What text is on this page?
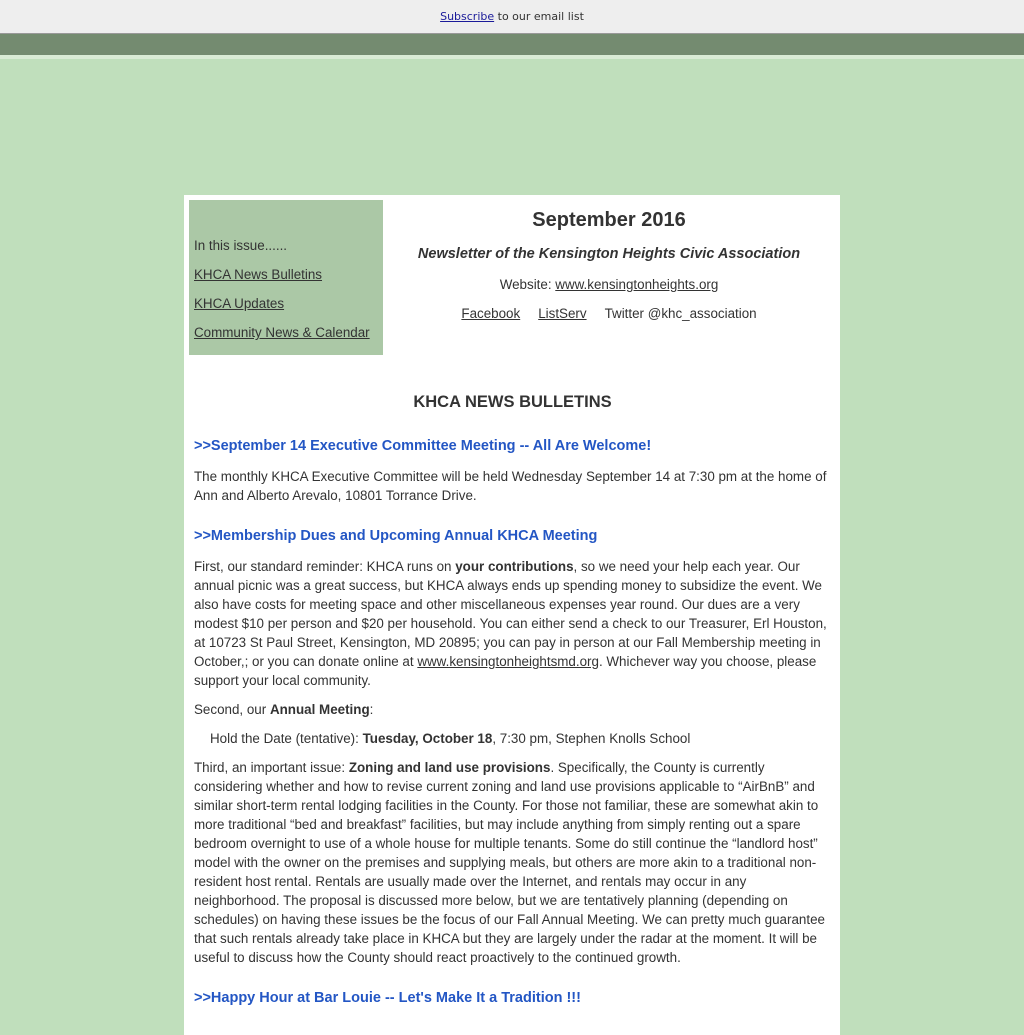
Subscribe to our email list
In this issue......
KHCA News Bulletins
KHCA Updates
Community News & Calendar
September 2016
Newsletter of the Kensington Heights Civic Association
Website: www.kensingtonheights.org
Facebook ListServ Twitter @khc_association
KHCA NEWS BULLETINS
>>September 14 Executive Committee Meeting -- All Are Welcome!

The monthly KHCA Executive Committee will be held Wednesday September 14 at 7:30 pm at the home of Ann and Alberto Arevalo, 10801 Torrance Drive.

>>Membership Dues and Upcoming Annual KHCA Meeting

First, our standard reminder: KHCA runs on your contributions, so we need your help each year. Our annual picnic was a great success, but KHCA always ends up spending money to subsidize the event. We also have costs for meeting space and other miscellaneous expenses year round. Our dues are a very modest $10 per person and $20 per household. You can either send a check to our Treasurer, Erl Houston, at 10723 St Paul Street, Kensington, MD 20895; you can pay in person at our Fall Membership meeting in October,; or you can donate online at www.kensingtonheightsmd.org. Whichever way you choose, please support your local community.

Second, our Annual Meeting:

Hold the Date (tentative): Tuesday, October 18, 7:30 pm, Stephen Knolls School

Third, an important issue: Zoning and land use provisions. Specifically, the County is currently considering whether and how to revise current zoning and land use provisions applicable to “AirBnB” and similar short-term rental lodging facilities in the County. For those not familiar, these are somewhat akin to more traditional “bed and breakfast” facilities, but may include anything from simply renting out a spare bedroom overnight to use of a whole house for multiple tenants. Some do still continue the “landlord host” model with the owner on the premises and supplying meals, but others are more akin to a traditional non-resident host rental. Rentals are usually made over the Internet, and rentals may occur in any neighborhood. The proposal is discussed more below, but we are tentatively planning (depending on schedules) on having these issues be the focus of our Fall Annual Meeting. We can pretty much guarantee that such rentals already take place in KHCA but they are largely under the radar at the moment. It will be useful to discuss how the County should react proactively to the continued growth.

>>Happy Hour at Bar Louie -- Let's Make It a Tradition !!!
